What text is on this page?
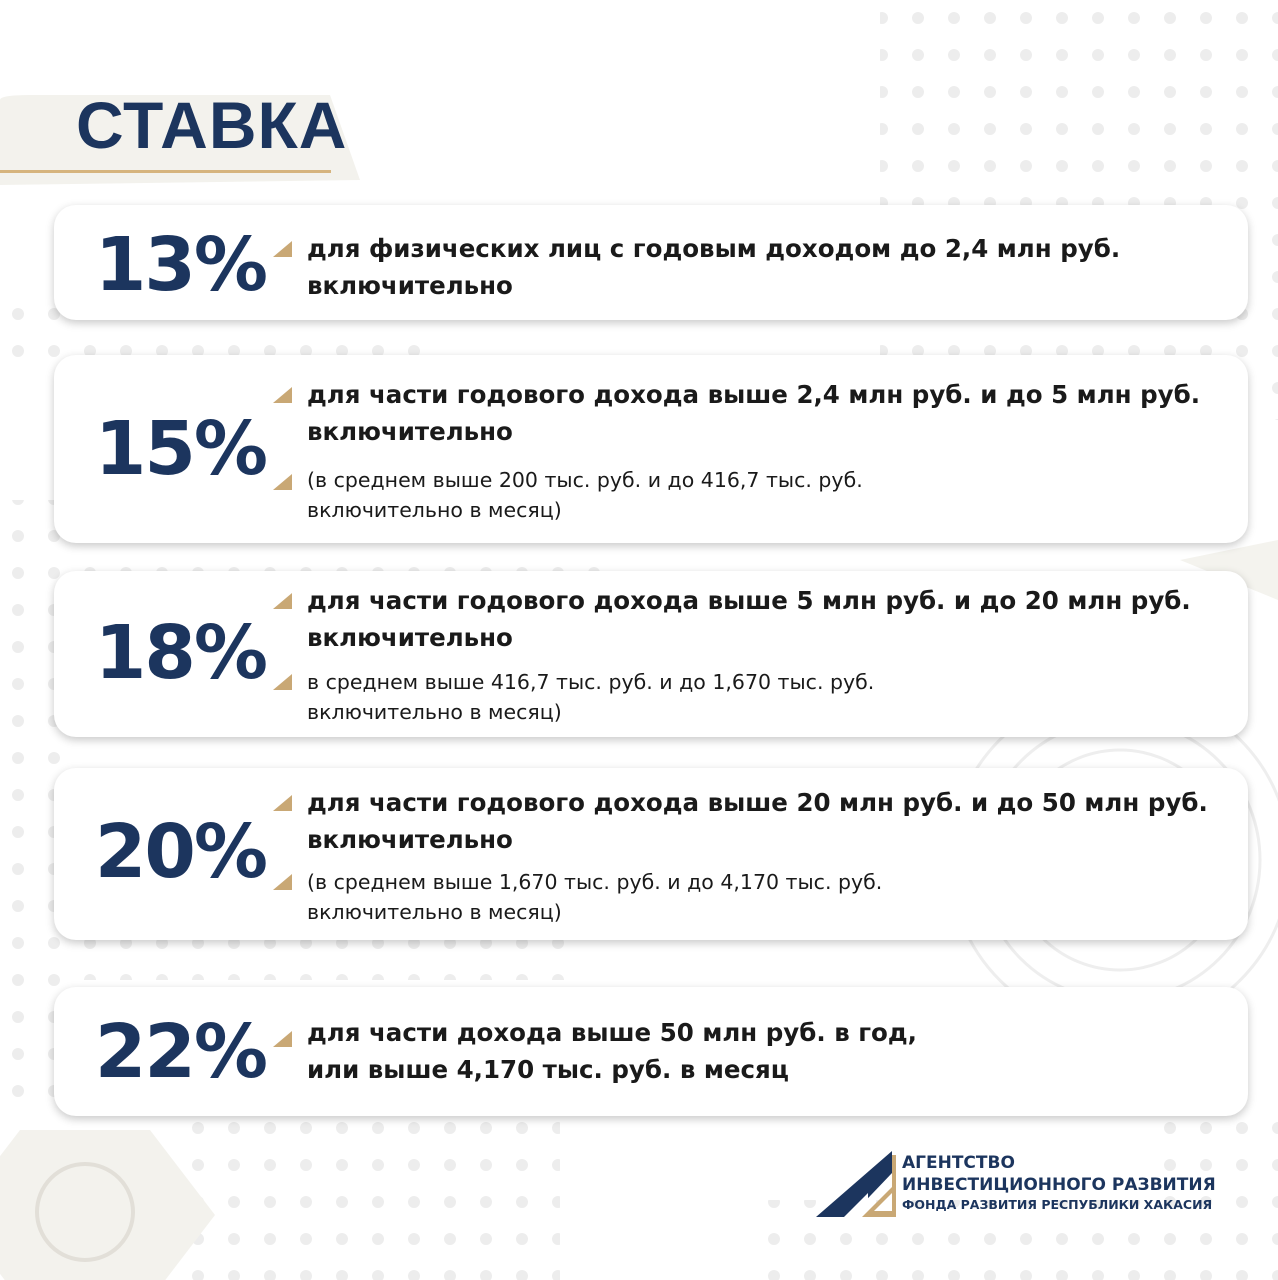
СТАВКА
13% для физических лиц с годовым доходом до 2,4 млн руб.
включительно
15%
для части годового дохода выше 2,4 млн руб. и до 5 млн руб.
включительно
(в среднем выше 200 тыс. руб. и до 416,7 тыс. руб.
включительно в месяц)
18%
для части годового дохода выше 5 млн руб. и до 20 млн руб.
включительно
в среднем выше 416,7 тыс. руб. и до 1,670 тыс. руб.
включительно в месяц)
20%
для части годового дохода выше 20 млн руб. и до 50 млн руб.
включительно
(в среднем выше 1,670 тыс. руб. и до 4,170 тыс. руб.
включительно в месяц)
22% для части дохода выше 50 млн руб. в год,
или выше 4,170 тыс. руб. в месяц
АГЕНТСТВО
ИНВЕСТИЦИОННОГО РАЗВИТИЯ
ФОНДА РАЗВИТИЯ РЕСПУБЛИКИ ХАКАСИЯ
